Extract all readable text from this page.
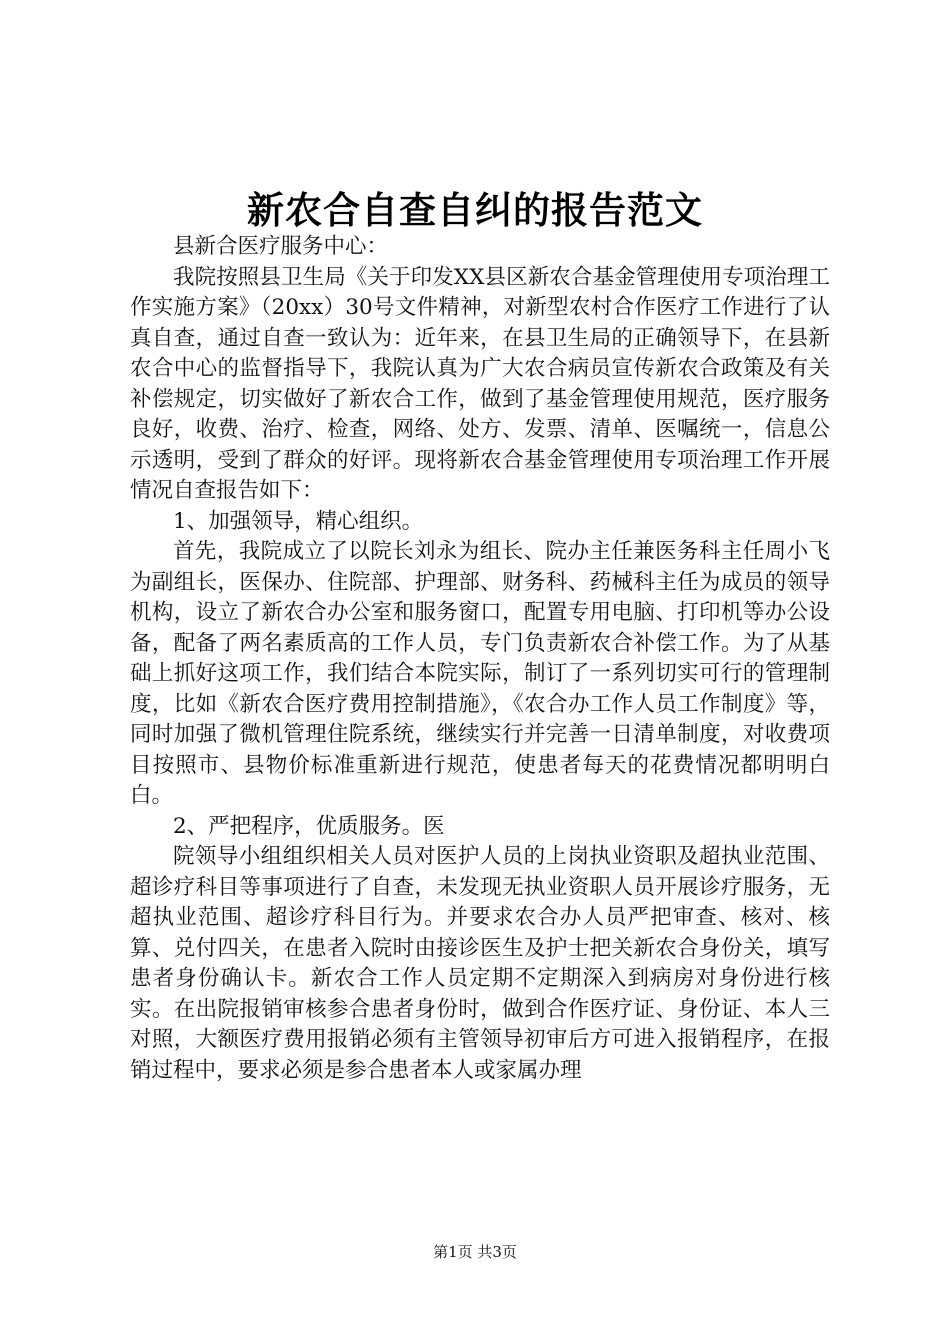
新农合自查自纠的报告范文

县新合医疗服务中心：

我院按照县卫生局《关于印发XX县区新农合基金管理使用专项治理工作实施方案》（20xx）30号文件精神，对新型农村合作医疗工作进行了认真自查，通过自查一致认为：近年来，在县卫生局的正确领导下，在县新农合中心的监督指导下，我院认真为广大农合病员宣传新农合政策及有关补偿规定，切实做好了新农合工作，做到了基金管理使用规范，医疗服务良好，收费、治疗、检查，网络、处方、发票、清单、医嘱统一，信息公示透明，受到了群众的好评。现将新农合基金管理使用专项治理工作开展情况自查报告如下：

1、加强领导，精心组织。

首先，我院成立了以院长刘永为组长、院办主任兼医务科主任周小飞为副组长，医保办、住院部、护理部、财务科、药械科主任为成员的领导机构，设立了新农合办公室和服务窗口，配置专用电脑、打印机等办公设备，配备了两名素质高的工作人员，专门负责新农合补偿工作。为了从基础上抓好这项工作，我们结合本院实际，制订了一系列切实可行的管理制度，比如《新农合医疗费用控制措施》，《农合办工作人员工作制度》等，同时加强了微机管理住院系统，继续实行并完善一日清单制度，对收费项目按照市、县物价标准重新进行规范，使患者每天的花费情况都明明白白。

2、严把程序，优质服务。医

院领导小组组织相关人员对医护人员的上岗执业资职及超执业范围、超诊疗科目等事项进行了自查，未发现无执业资职人员开展诊疗服务，无超执业范围、超诊疗科目行为。并要求农合办人员严把审查、核对、核算、兑付四关，在患者入院时由接诊医生及护士把关新农合身份关，填写患者身份确认卡。新农合工作人员定期不定期深入到病房对身份进行核实。在出院报销审核参合患者身份时，做到合作医疗证、身份证、本人三对照，大额医疗费用报销必须有主管领导初审后方可进入报销程序，在报销过程中，要求必须是参合患者本人或家属办理

第1页 共3页
